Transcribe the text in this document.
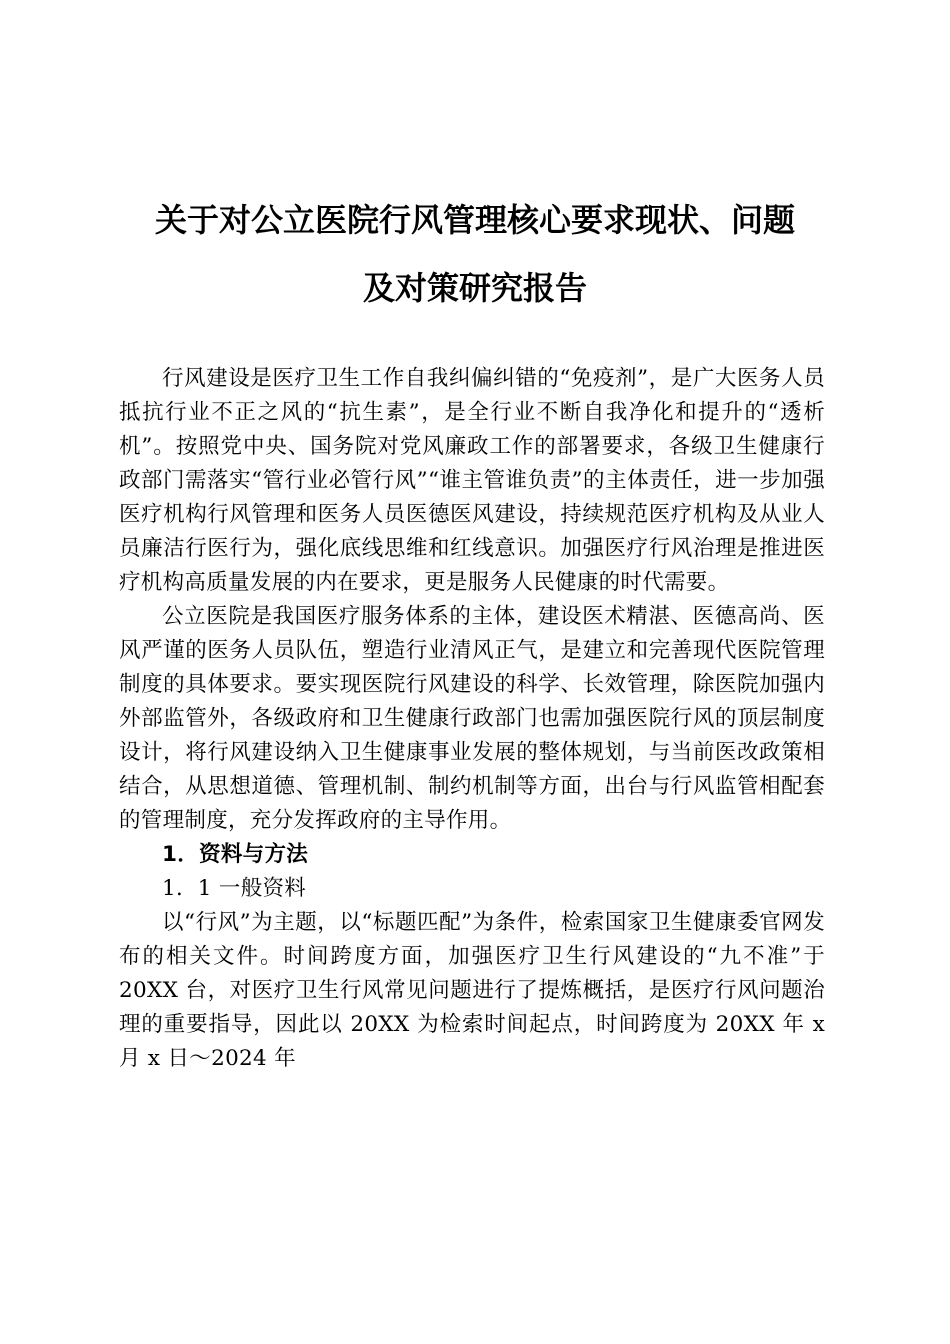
关于对公立医院行风管理核心要求现状、问题
及对策研究报告

行风建设是医疗卫生工作自我纠偏纠错的“免疫剂”，是广大医务人员抵抗行业不正之风的“抗生素”，是全行业不断自我净化和提升的“透析机”。按照党中央、国务院对党风廉政工作的部署要求，各级卫生健康行政部门需落实“管行业必管行风”“谁主管谁负责”的主体责任，进一步加强医疗机构行风管理和医务人员医德医风建设，持续规范医疗机构及从业人员廉洁行医行为，强化底线思维和红线意识。加强医疗行风治理是推进医疗机构高质量发展的内在要求，更是服务人民健康的时代需要。

公立医院是我国医疗服务体系的主体，建设医术精湛、医德高尚、医风严谨的医务人员队伍，塑造行业清风正气，是建立和完善现代医院管理制度的具体要求。要实现医院行风建设的科学、长效管理，除医院加强内外部监管外，各级政府和卫生健康行政部门也需加强医院行风的顶层制度设计，将行风建设纳入卫生健康事业发展的整体规划，与当前医改政策相结合，从思想道德、管理机制、制约机制等方面，出台与行风监管相配套的管理制度，充分发挥政府的主导作用。

1．资料与方法
1．1 一般资料

以“行风”为主题，以“标题匹配”为条件，检索国家卫生健康委官网发布的相关文件。时间跨度方面，加强医疗卫生行风建设的“九不准”于 20XX 台，对医疗卫生行风常见问题进行了提炼概括，是医疗行风问题治理的重要指导，因此以 20XX 为检索时间起点，时间跨度为 20XX 年 x 月 x 日～2024 年
